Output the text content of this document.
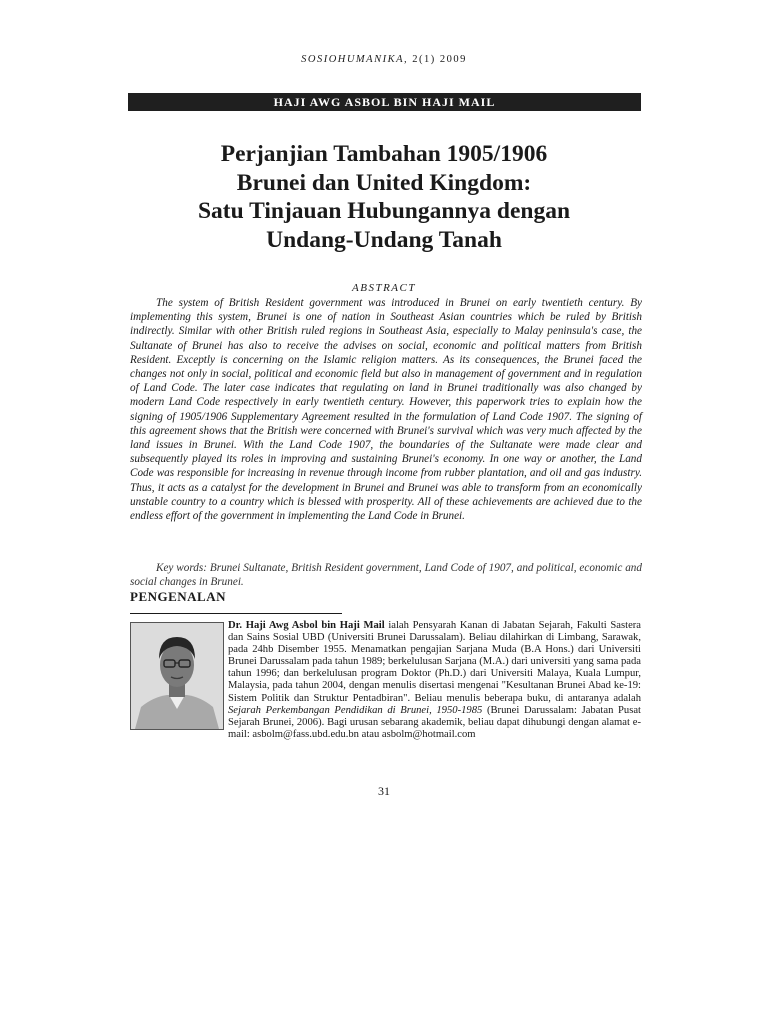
SOSIOHUMANIKA, 2(1) 2009
HAJI AWG ASBOL BIN HAJI MAIL
Perjanjian Tambahan 1905/1906
Brunei dan United Kingdom:
Satu Tinjauan Hubungannya dengan
Undang-Undang Tanah
ABSTRACT
The system of British Resident government was introduced in Brunei on early twentieth century. By implementing this system, Brunei is one of nation in Southeast Asian countries which be ruled by British indirectly. Similar with other British ruled regions in Southeast Asia, especially to Malay peninsula's case, the Sultanate of Brunei has also to receive the advises on social, economic and political matters from British Resident. Exceptly is concerning on the Islamic religion matters. As its consequences, the Brunei faced the changes not only in social, political and economic field but also in management of government and in regulation of Land Code. The later case indicates that regulating on land in Brunei traditionally was also changed by modern Land Code respectively in early twentieth century. However, this paperwork tries to explain how the signing of 1905/1906 Supplementary Agreement resulted in the formulation of Land Code 1907. The signing of this agreement shows that the British were concerned with Brunei's survival which was very much affected by the land issues in Brunei. With the Land Code 1907, the boundaries of the Sultanate were made clear and subsequently played its roles in improving and sustaining Brunei's economy. In one way or another, the Land Code was responsible for increasing in revenue through income from rubber plantation, and oil and gas industry. Thus, it acts as a catalyst for the development in Brunei and Brunei was able to transform from an economically unstable country to a country which is blessed with prosperity. All of these achievements are achieved due to the endless effort of the government in implementing the Land Code in Brunei.
Key words: Brunei Sultanate, British Resident government, Land Code of 1907, and political, economic and social changes in Brunei.
PENGENALAN
Dr. Haji Awg Asbol bin Haji Mail ialah Pensyarah Kanan di Jabatan Sejarah, Fakulti Sastera dan Sains Sosial UBD (Universiti Brunei Darussalam). Beliau dilahirkan di Limbang, Sarawak, pada 24hb Disember 1955. Menamatkan pengajian Sarjana Muda (B.A Hons.) dari Universiti Brunei Darussalam pada tahun 1989; berkelulusan Sarjana (M.A.) dari universiti yang sama pada tahun 1996; dan berkelulusan program Doktor (Ph.D.) dari Universiti Malaya, Kuala Lumpur, Malaysia, pada tahun 2004, dengan menulis disertasi mengenai "Kesultanan Brunei Abad ke-19: Sistem Politik dan Struktur Pentadbiran". Beliau menulis beberapa buku, di antaranya adalah Sejarah Perkembangan Pendidikan di Brunei, 1950-1985 (Brunei Darussalam: Jabatan Pusat Sejarah Brunei, 2006). Bagi urusan sebarang akademik, beliau dapat dihubungi dengan alamat e-mail: asbolm@fass.ubd.edu.bn atau asbolm@hotmail.com
31
